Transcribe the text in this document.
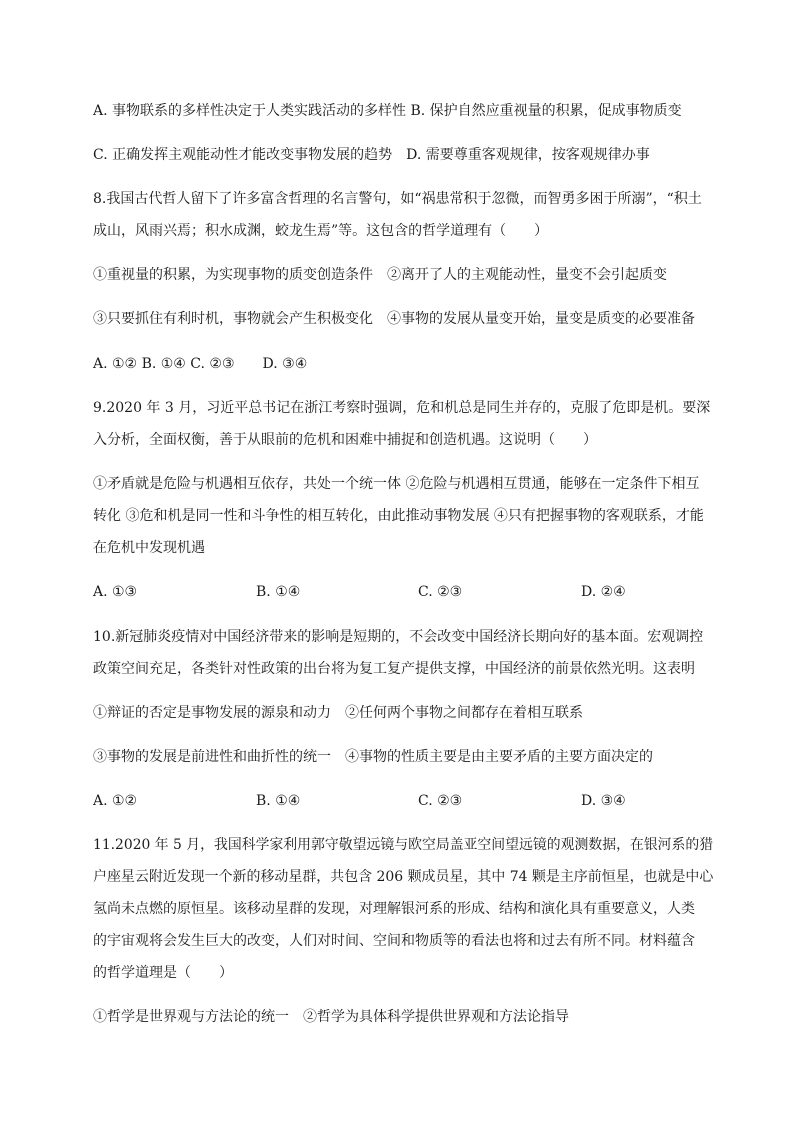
A. 事物联系的多样性决定于人类实践活动的多样性 B. 保护自然应重视量的积累，促成事物质变
C. 正确发挥主观能动性才能改变事物发展的趋势　D. 需要尊重客观规律，按客观规律办事
8.我国古代哲人留下了许多富含哲理的名言警句，如“祸患常积于忽微，而智勇多困于所溺”，“积土
成山，风雨兴焉；积水成渊，蛟龙生焉”等。这包含的哲学道理有（　　）
①重视量的积累，为实现事物的质变创造条件　②离开了人的主观能动性，量变不会引起质变
③只要抓住有利时机，事物就会产生积极变化　④事物的发展从量变开始，量变是质变的必要准备
A. ①② B. ①④ C. ②③　　D. ③④
9.2020 年 3 月，习近平总书记在浙江考察时强调，危和机总是同生并存的，克服了危即是机。要深
入分析，全面权衡，善于从眼前的危机和困难中捕捉和创造机遇。这说明（　　）
①矛盾就是危险与机遇相互依存，共处一个统一体 ②危险与机遇相互贯通，能够在一定条件下相互
转化 ③危和机是同一性和斗争性的相互转化，由此推动事物发展 ④只有把握事物的客观联系，才能
在危机中发现机遇
A. ①③	B. ①④	C. ②③	D. ②④
10.新冠肺炎疫情对中国经济带来的影响是短期的，不会改变中国经济长期向好的基本面。宏观调控
政策空间充足，各类针对性政策的出台将为复工复产提供支撑，中国经济的前景依然光明。这表明
①辩证的否定是事物发展的源泉和动力　②任何两个事物之间都存在着相互联系
③事物的发展是前进性和曲折性的统一　④事物的性质主要是由主要矛盾的主要方面决定的
A. ①②	B. ①④	C. ②③	D. ③④
11.2020 年 5 月，我国科学家利用郭守敬望远镜与欧空局盖亚空间望远镜的观测数据，在银河系的猎
户座星云附近发现一个新的移动星群，共包含 206 颗成员星，其中 74 颗是主序前恒星，也就是中心
氢尚未点燃的原恒星。该移动星群的发现，对理解银河系的形成、结构和演化具有重要意义，人类
的宇宙观将会发生巨大的改变，人们对时间、空间和物质等的看法也将和过去有所不同。材料蕴含
的哲学道理是（　　）
①哲学是世界观与方法论的统一　②哲学为具体科学提供世界观和方法论指导
